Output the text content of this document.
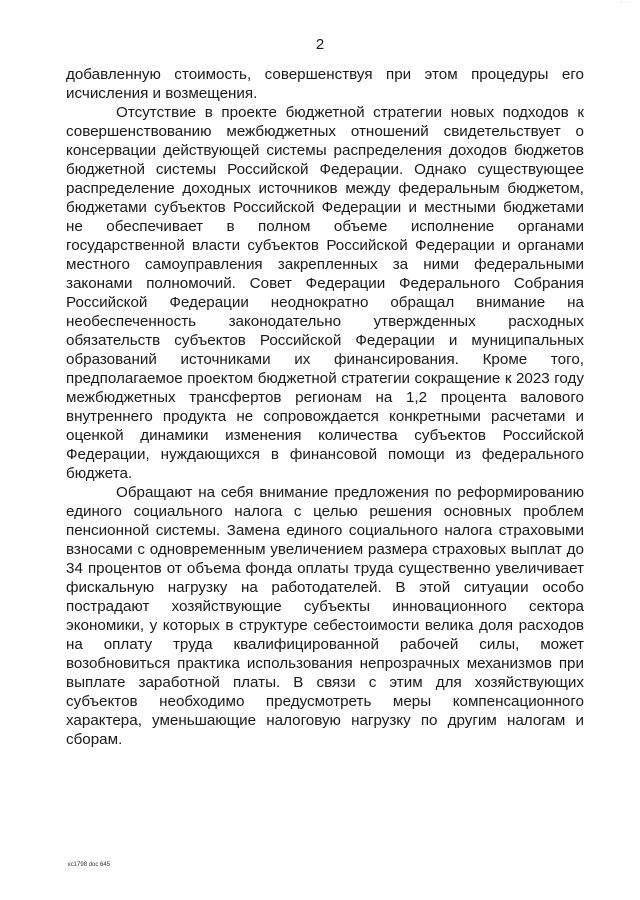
· · ·
2

добавленную стоимость, совершенствуя при этом процедуры его исчисления и возмещения.

Отсутствие в проекте бюджетной стратегии новых подходов к совершенствованию межбюджетных отношений свидетельствует о консервации действующей системы распределения доходов бюджетов бюджетной системы Российской Федерации. Однако существующее распределение доходных источников между федеральным бюджетом, бюджетами субъектов Российской Федерации и местными бюджетами не обеспечивает в полном объеме исполнение органами государственной власти субъектов Российской Федерации и органами местного самоуправления закрепленных за ними федеральными законами полномочий. Совет Федерации Федерального Собрания Российской Федерации неоднократно обращал внимание на необеспеченность законодательно утвержденных расходных обязательств субъектов Российской Федерации и муниципальных образований источниками их финансирования. Кроме того, предполагаемое проектом бюджетной стратегии сокращение к 2023 году межбюджетных трансфертов регионам на 1,2 процента валового внутреннего продукта не сопровождается конкретными расчетами и оценкой динамики изменения количества субъектов Российской Федерации, нуждающихся в финансовой помощи из федерального бюджета.

Обращают на себя внимание предложения по реформированию единого социального налога с целью решения основных проблем пенсионной системы. Замена единого социального налога страховыми взносами с одновременным увеличением размера страховых выплат до 34 процентов от объема фонда оплаты труда существенно увеличивает фискальную нагрузку на работодателей. В этой ситуации особо пострадают хозяйствующие субъекты инновационного сектора экономики, у которых в структуре себестоимости велика доля расходов на оплату труда квалифицированной рабочей силы, может возобновиться практика использования непрозрачных механизмов при выплате заработной платы. В связи с этим для хозяйствующих субъектов необходимо предусмотреть меры компенсационного характера, уменьшающие налоговую нагрузку по другим налогам и сборам.

кс1798 doc 645
